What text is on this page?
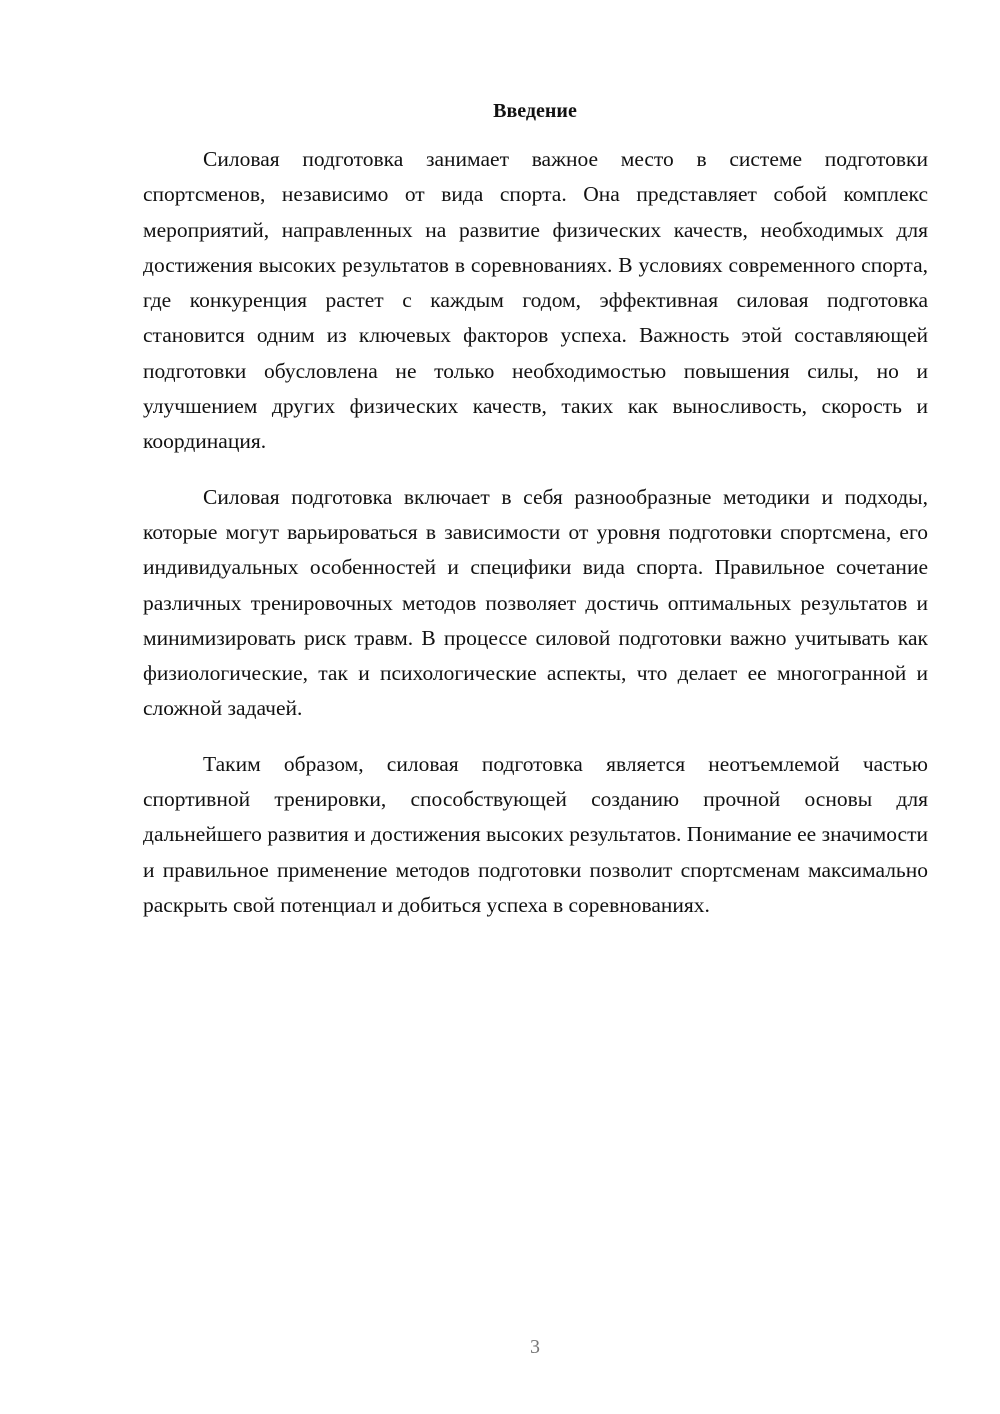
Введение

Силовая подготовка занимает важное место в системе подготовки спортсменов, независимо от вида спорта. Она представляет собой комплекс мероприятий, направленных на развитие физических качеств, необходимых для достижения высоких результатов в соревнованиях. В условиях современного спорта, где конкуренция растет с каждым годом, эффективная силовая подготовка становится одним из ключевых факторов успеха. Важность этой составляющей подготовки обусловлена не только необходимостью повышения силы, но и улучшением других физических качеств, таких как выносливость, скорость и координация.

Силовая подготовка включает в себя разнообразные методики и подходы, которые могут варьироваться в зависимости от уровня подготовки спортсмена, его индивидуальных особенностей и специфики вида спорта. Правильное сочетание различных тренировочных методов позволяет достичь оптимальных результатов и минимизировать риск травм. В процессе силовой подготовки важно учитывать как физиологические, так и психологические аспекты, что делает ее многогранной и сложной задачей.

Таким образом, силовая подготовка является неотъемлемой частью спортивной тренировки, способствующей созданию прочной основы для дальнейшего развития и достижения высоких результатов. Понимание ее значимости и правильное применение методов подготовки позволит спортсменам максимально раскрыть свой потенциал и добиться успеха в соревнованиях.

3
